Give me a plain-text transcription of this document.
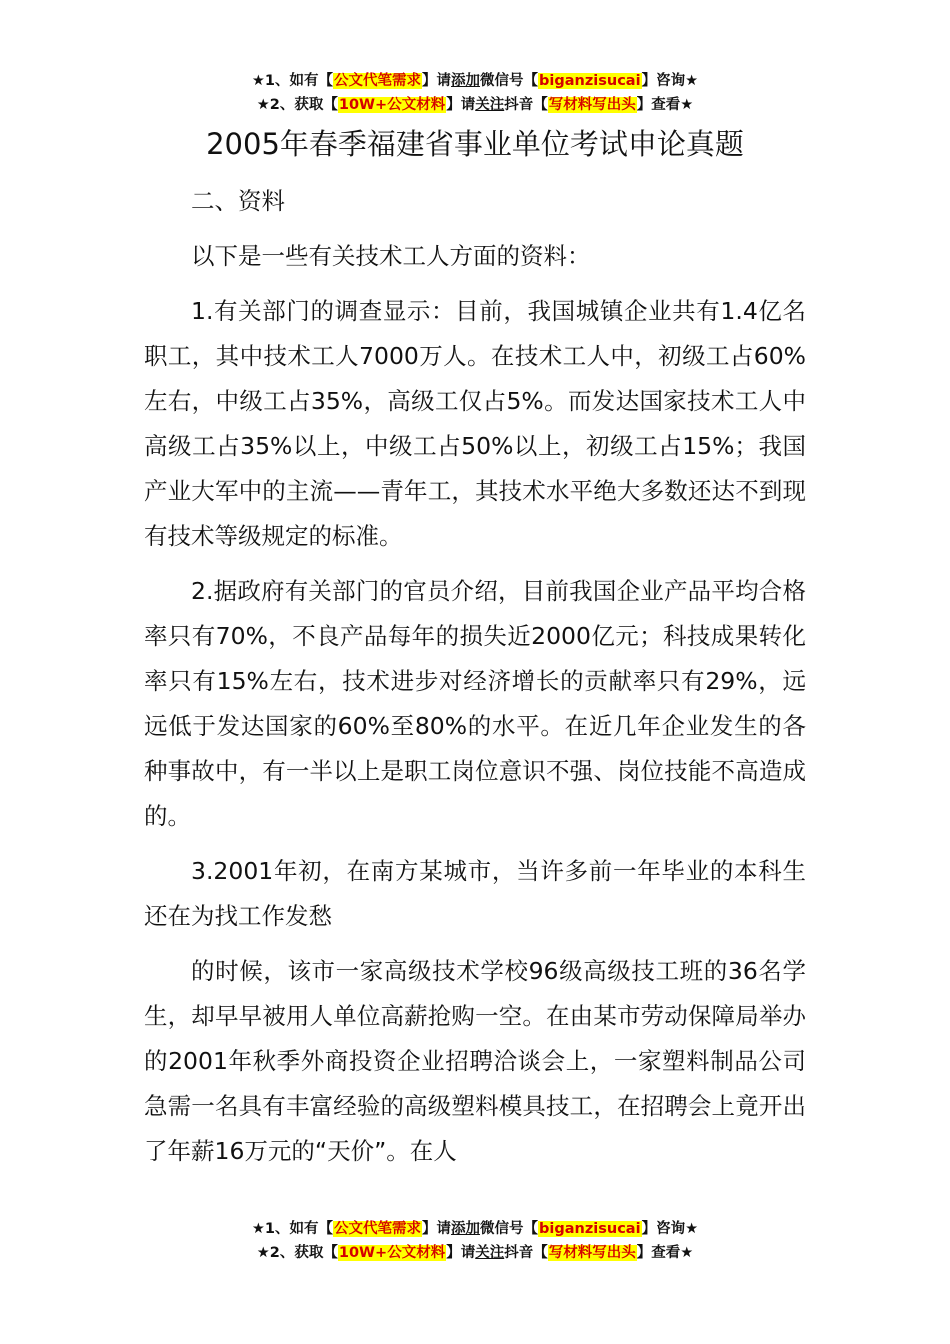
★1、如有【公文代笔需求】请添加微信号【biganzisucai】咨询★
★2、获取【10W+公文材料】请关注抖音【写材料写出头】查看★
2005年春季福建省事业单位考试申论真题

二、资料

以下是一些有关技术工人方面的资料：

1.有关部门的调查显示：目前，我国城镇企业共有1.4亿名职工，其中技术工人7000万人。在技术工人中，初级工占60%左右，中级工占35%，高级工仅占5%。而发达国家技术工人中高级工占35%以上，中级工占50%以上，初级工占15%；我国产业大军中的主流——青年工，其技术水平绝大多数还达不到现有技术等级规定的标准。

2.据政府有关部门的官员介绍，目前我国企业产品平均合格率只有70%，不良产品每年的损失近2000亿元；科技成果转化率只有15%左右，技术进步对经济增长的贡献率只有29%，远远低于发达国家的60%至80%的水平。在近几年企业发生的各种事故中，有一半以上是职工岗位意识不强、岗位技能不高造成的。

3.2001年初，在南方某城市，当许多前一年毕业的本科生还在为找工作发愁

的时候，该市一家高级技术学校96级高级技工班的36名学生，却早早被用人单位高薪抢购一空。在由某市劳动保障局举办的2001年秋季外商投资企业招聘洽谈会上，一家塑料制品公司急需一名具有丰富经验的高级塑料模具技工，在招聘会上竟开出了年薪16万元的“天价”。在人

★1、如有【公文代笔需求】请添加微信号【biganzisucai】咨询★
★2、获取【10W+公文材料】请关注抖音【写材料写出头】查看★
